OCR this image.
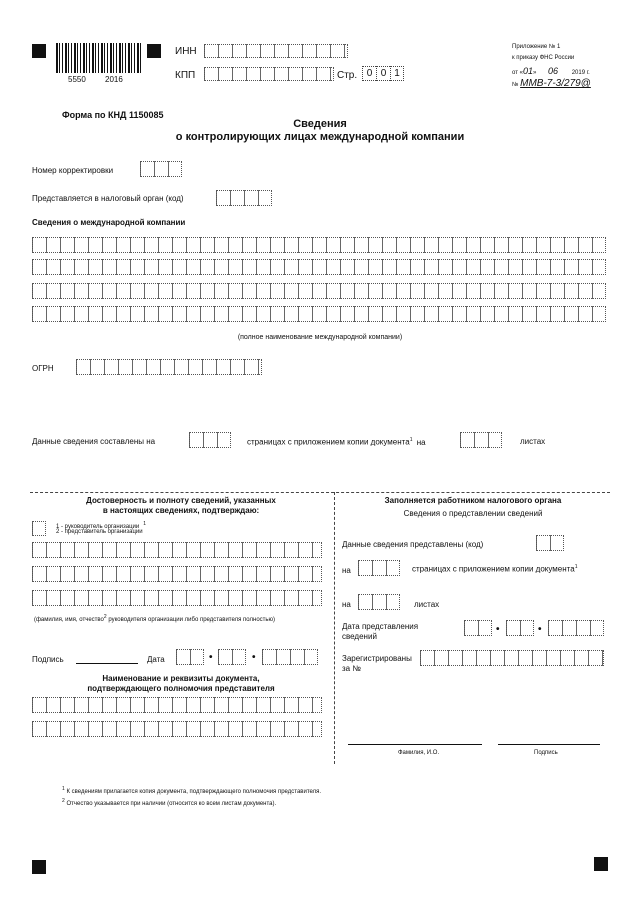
5550 2016
ИНН
КПП	Стр. 0 0 1
Приложение № 1
к приказу ФНС России
от «01» 06 2019 г.
№ ММВ-7-3/279@
Форма по КНД 1150085
Сведения
о контролирующих лицах международной компании
Номер корректировки
Представляется в налоговый орган (код)
Сведения о международной компании
(полное наименование международной компании)
ОГРН
Данные сведения составлены на	страницах с приложением копии документа$^1$ на	листах
Достоверность и полноту сведений, указанных
в настоящих сведениях, подтверждаю:
1 - руководитель организации $^1$
2 - представитель организации
(фамилия, имя, отчество$^2$ руководителя организации либо представителя полностью)
Подпись	Дата	•	•
Наименование и реквизиты документа,
подтверждающего полномочия представителя
Заполняется работником налогового органа
Сведения о представлении сведений
Данные сведения представлены (код)
на	страницах с приложением копии документа$^1$
на	листах
Дата представления
сведений
•	•
Зарегистрированы
за №
Фамилия, И.О.	Подпись
$^1$ К сведениям прилагается копия документа, подтверждающего полномочия представителя.
$^2$ Отчество указывается при наличии (относится ко всем листам документа).
